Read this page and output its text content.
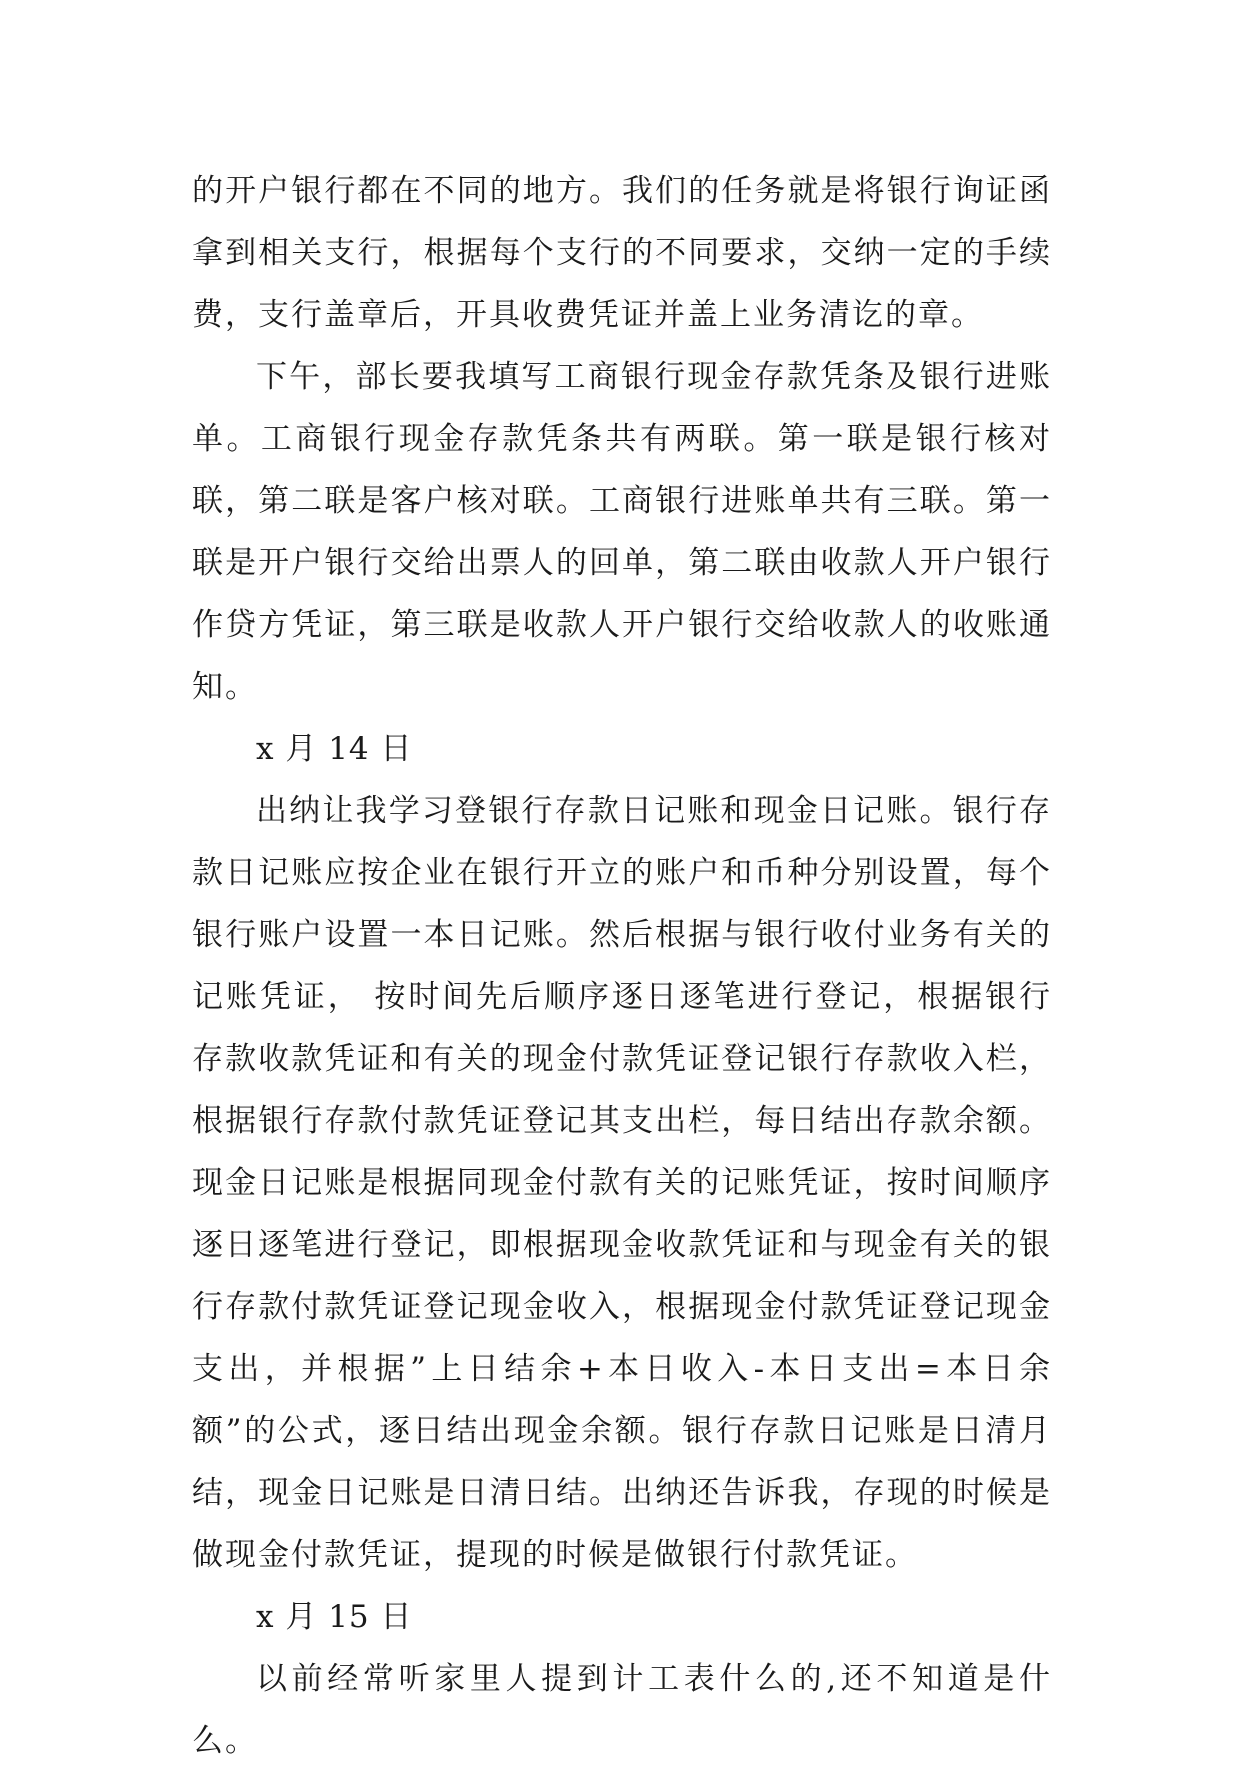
的开户银行都在不同的地方。我们的任务就是将银行询证函拿到相关支行，根据每个支行的不同要求，交纳一定的手续费，支行盖章后，开具收费凭证并盖上业务清讫的章。

下午，部长要我填写工商银行现金存款凭条及银行进账单。工商银行现金存款凭条共有两联。第一联是银行核对联，第二联是客户核对联。工商银行进账单共有三联。第一联是开户银行交给出票人的回单，第二联由收款人开户银行作贷方凭证，第三联是收款人开户银行交给收款人的收账通知。

x 月 14 日

出纳让我学习登银行存款日记账和现金日记账。银行存款日记账应按企业在银行开立的账户和币种分别设置，每个银行账户设置一本日记账。然后根据与银行收付业务有关的记账凭证， 按时间先后顺序逐日逐笔进行登记，根据银行存款收款凭证和有关的现金付款凭证登记银行存款收入栏，根据银行存款付款凭证登记其支出栏，每日结出存款余额。现金日记账是根据同现金付款有关的记账凭证，按时间顺序逐日逐笔进行登记，即根据现金收款凭证和与现金有关的银行存款付款凭证登记现金收入，根据现金付款凭证登记现金支出，并根据”上日结余+本日收入-本日支出=本日余额”的公式，逐日结出现金余额。银行存款日记账是日清月结，现金日记账是日清日结。出纳还告诉我，存现的时候是做现金付款凭证，提现的时候是做银行付款凭证。

x 月 15 日

以前经常听家里人提到计工表什么的,还不知道是什么。
